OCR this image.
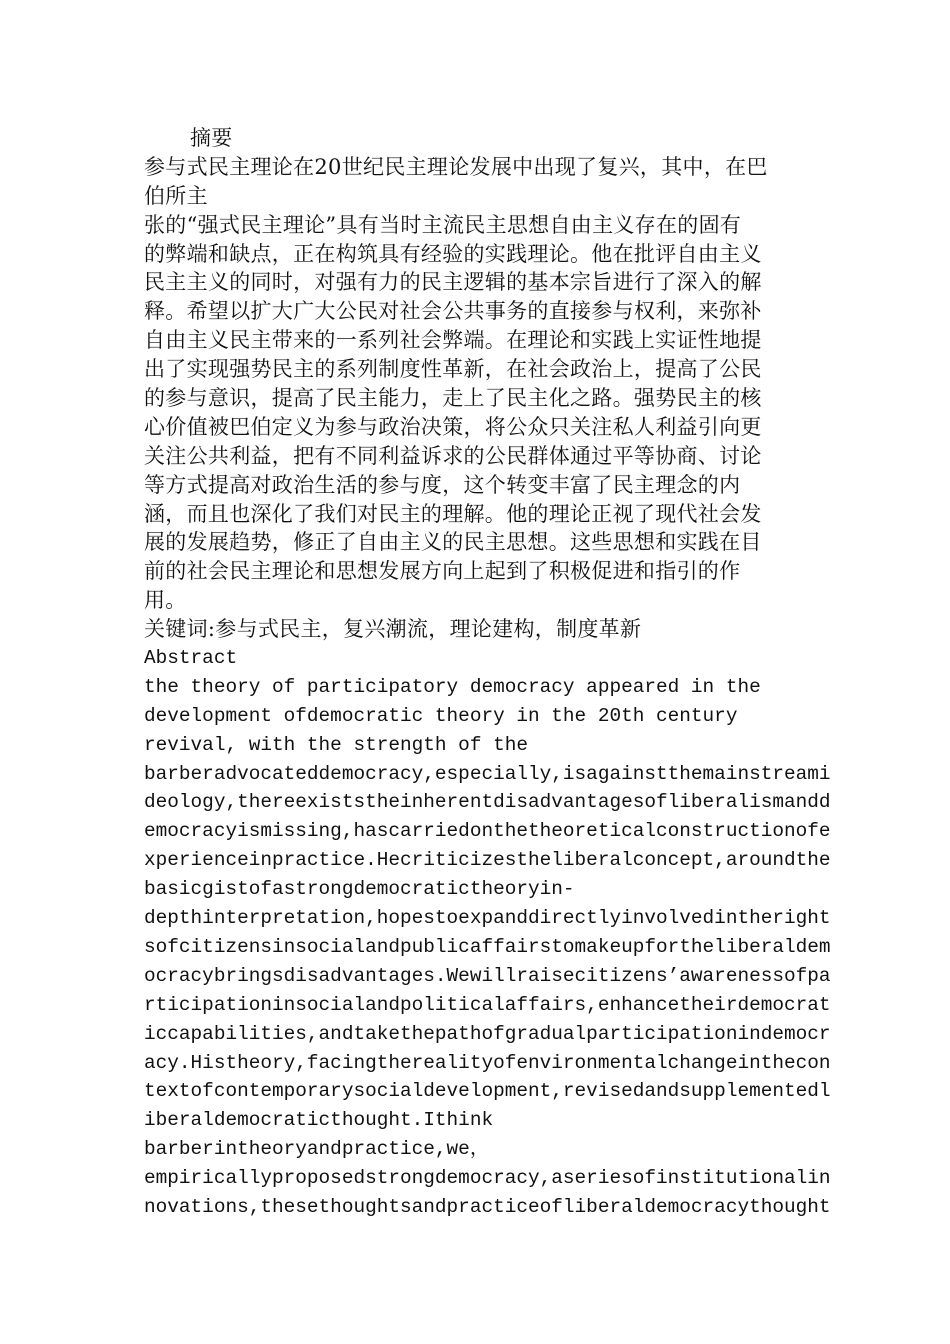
摘要

参与式民主理论在20世纪民主理论发展中出现了复兴，其中，在巴
伯所主
张的“强式民主理论”具有当时主流民主思想自由主义存在的固有
的弊端和缺点，正在构筑具有经验的实践理论。他在批评自由主义
民主主义的同时，对强有力的民主逻辑的基本宗旨进行了深入的解
释。希望以扩大广大公民对社会公共事务的直接参与权利，来弥补
自由主义民主带来的一系列社会弊端。在理论和实践上实证性地提
出了实现强势民主的系列制度性革新，在社会政治上，提高了公民
的参与意识，提高了民主能力，走上了民主化之路。强势民主的核
心价值被巴伯定义为参与政治决策，将公众只关注私人利益引向更
关注公共利益，把有不同利益诉求的公民群体通过平等协商、讨论
等方式提高对政治生活的参与度，这个转变丰富了民主理念的内
涵，而且也深化了我们对民主的理解。他的理论正视了现代社会发
展的发展趋势，修正了自由主义的民主思想。这些思想和实践在目
前的社会民主理论和思想发展方向上起到了积极促进和指引的作
用。

关键词:参与式民主，复兴潮流，理论建构，制度革新

Abstract

the theory of participatory democracy appeared in the
development ofdemocratic theory in the 20th century
revival, with the strength of the
barberadvocateddemocracy,especially,isagainstthemainstreami
deology,thereexiststheinherentdisadvantagesofliberalismandd
emocracyismissing,hascarriedonthetheoreticalconstructionofe
xperienceinpractice.Hecriticizestheliberalconcept,aroundthe
basicgistofastrongdemocratictheoryin-
depthinterpretation,hopestoexpanddirectlyinvolvedintheright
sofcitizensinsocialandpublicaffairstomakeupfortheliberaldem
ocracybringsdisadvantages.Wewillraisecitizens’awarenessofpa
rticipationinsocialandpoliticalaffairs,enhancetheirdemocrat
iccapabilities,andtakethepathofgradualparticipationindemocr
acy.Histheory,facingtherealityofenvironmentalchangeinthecon
textofcontemporarysocialdevelopment,revisedandsupplementedl
iberaldemocraticthought.Ithink
barberintheoryandpractice,we，
empiricallyproposedstrongdemocracy,aseriesofinstitutionalin
novations,thesethoughtsandpracticeofliberaldemocracythought
